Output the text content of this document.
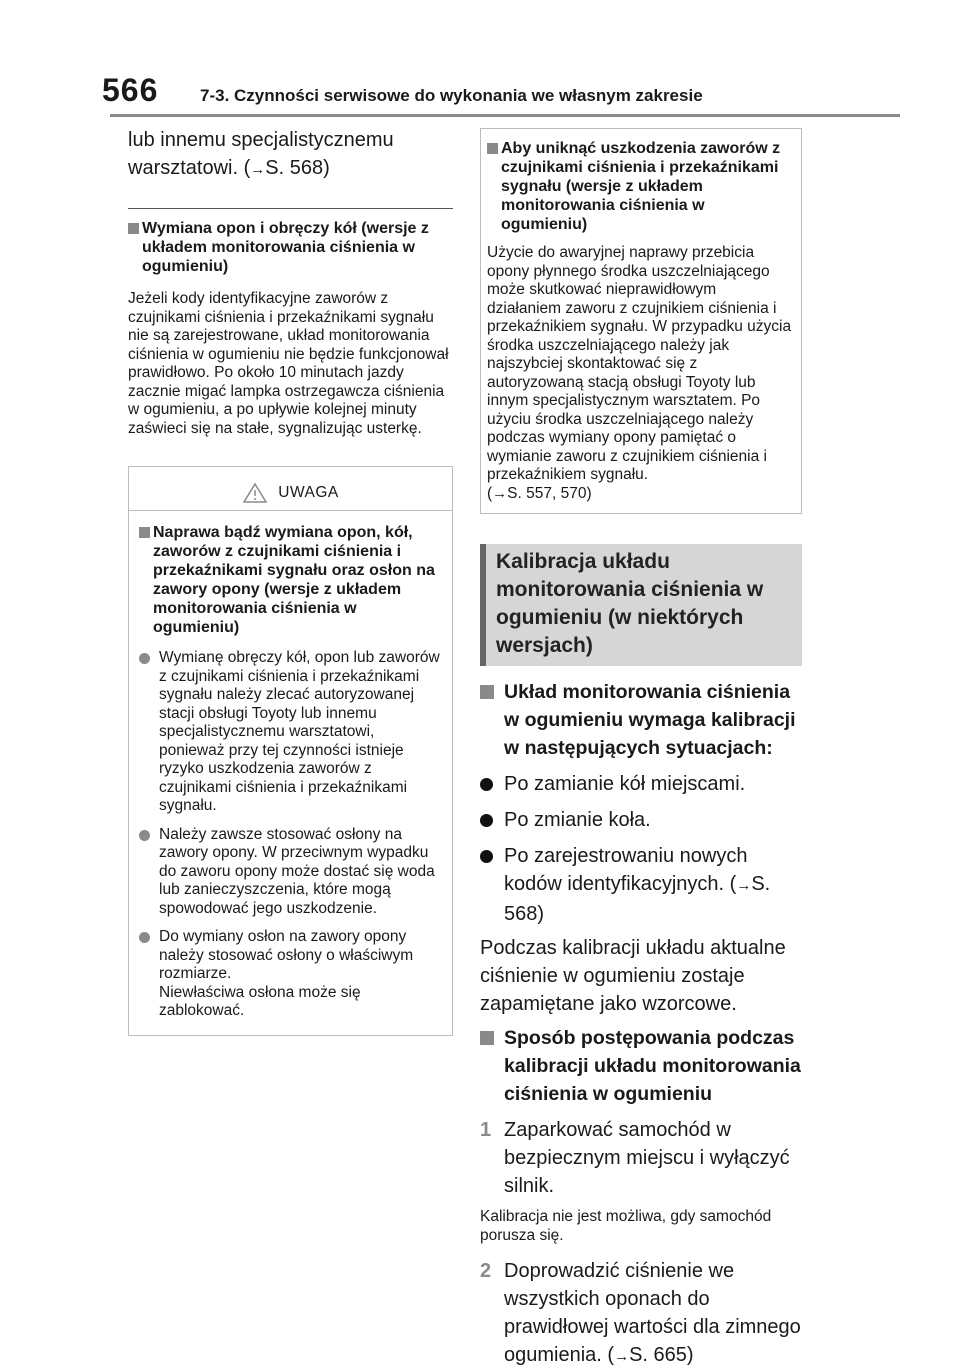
566 7-3. Czynności serwisowe do wykonania we własnym zakresie

lub innemu specjalistycznemu warsztatowi. (→S. 568)

Wymiana opon i obręczy kół (wersje z układem monitorowania ciśnienia w ogumieniu)

Jeżeli kody identyfikacyjne zaworów z czujnikami ciśnienia i przekaźnikami sygnału nie są zarejestrowane, układ monitorowania ciśnienia w ogumieniu nie będzie funkcjonował prawidłowo. Po około 10 minutach jazdy zacznie migać lampka ostrzegawcza ciśnienia w ogumieniu, a po upływie kolejnej minuty zaświeci się na stałe, sygnalizując usterkę.

UWAGA
Naprawa bądź wymiana opon, kół, zaworów z czujnikami ciśnienia i przekaźnikami sygnału oraz osłon na zawory opony (wersje z układem monitorowania ciśnienia w ogumieniu)
Wymianę obręczy kół, opon lub zaworów z czujnikami ciśnienia i przekaźnikami sygnału należy zlecać autoryzowanej stacji obsługi Toyoty lub innemu specjalistycznemu warsztatowi, ponieważ przy tej czynności istnieje ryzyko uszkodzenia zaworów z czujnikami ciśnienia i przekaźnikami sygnału.
Należy zawsze stosować osłony na zawory opony. W przeciwnym wypadku do zaworu opony może dostać się woda lub zanieczyszczenia, które mogą spowodować jego uszkodzenie.
Do wymiany osłon na zawory opony należy stosować osłony o właściwym rozmiarze.

Niewłaściwa osłona może się zablokować.

Aby uniknąć uszkodzenia zaworów z czujnikami ciśnienia i przekaźnikami sygnału (wersje z układem monitorowania ciśnienia w ogumieniu)

Użycie do awaryjnej naprawy przebicia opony płynnego środka uszczelniającego może skutkować nieprawidłowym działaniem zaworu z czujnikiem ciśnienia i przekaźnikiem sygnału. W przypadku użycia środka uszczelniającego należy jak najszybciej skontaktować się z autoryzowaną stacją obsługi Toyoty lub innym specjalistycznym warsztatem. Po użyciu środka uszczelniającego należy podczas wymiany opony pamiętać o wymianie zaworu z czujnikiem ciśnienia i przekaźnikiem sygnału.
(→S. 557, 570)

Kalibracja układu monitorowania ciśnienia w ogumieniu (w niektórych wersjach)
Układ monitorowania ciśnienia w ogumieniu wymaga kalibracji w następujących sytuacjach:
Po zamianie kół miejscami.
Po zmianie koła.
Po zarejestrowaniu nowych kodów identyfikacyjnych. (→S. 568)

Podczas kalibracji układu aktualne ciśnienie w ogumieniu zostaje zapamiętane jako wzorcowe.

Sposób postępowania podczas kalibracji układu monitorowania ciśnienia w ogumieniu
1 Zaparkować samochód w bezpiecznym miejscu i wyłączyć silnik.

Kalibracja nie jest możliwa, gdy samochód porusza się.

2 Doprowadzić ciśnienie we wszystkich oponach do prawidłowej wartości dla zimnego ogumienia. (→S. 665)
